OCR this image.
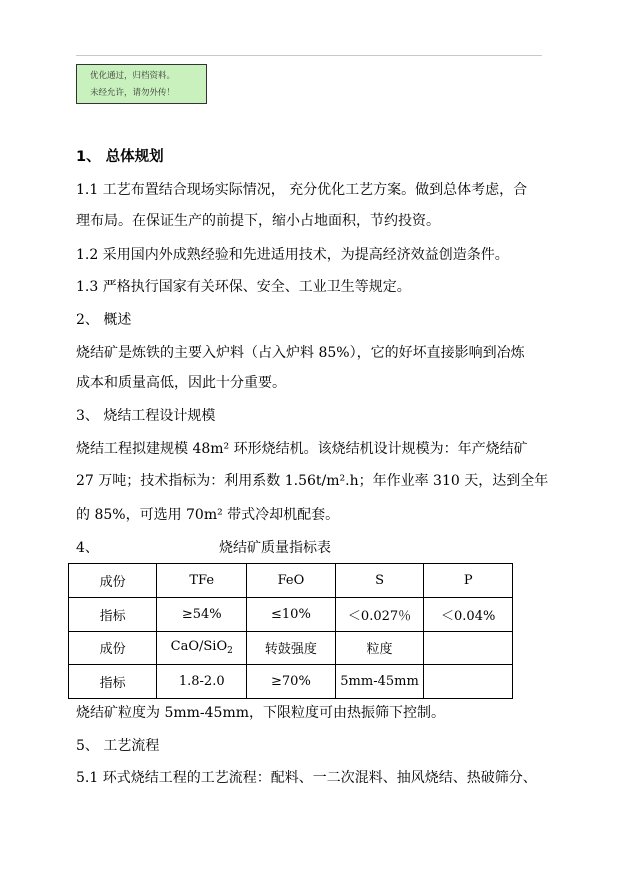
优化通过，归档资料。
未经允许，请勿外传！
1、 总体规划
1.1 工艺布置结合现场实际情况， 充分优化工艺方案。做到总体考虑，合
理布局。在保证生产的前提下，缩小占地面积，节约投资。
1.2 采用国内外成熟经验和先进适用技术，为提高经济效益创造条件。
1.3 严格执行国家有关环保、安全、工业卫生等规定。
2、 概述
烧结矿是炼铁的主要入炉料（占入炉料 85%），它的好坏直接影响到冶炼
成本和质量高低，因此十分重要。
3、 烧结工程设计规模
烧结工程拟建规模 48m² 环形烧结机。该烧结机设计规模为：年产烧结矿
27 万吨；技术指标为：利用系数 1.56t/m².h；年作业率 310 天，达到全年
的 85%，可选用 70m² 带式冷却机配套。
4、	烧结矿质量指标表
成份	TFe	FeO	S	P
指标	≥54%	≤10%	＜0.027％	＜0.04%
成份	CaO/SiO$_2$	转鼓强度	粒度	
指标	1.8-2.0	≥70%	5mm-45mm	
烧结矿粒度为 5mm-45mm，下限粒度可由热振筛下控制。
5、 工艺流程
5.1 环式烧结工程的工艺流程：配料、一二次混料、抽风烧结、热破筛分、
